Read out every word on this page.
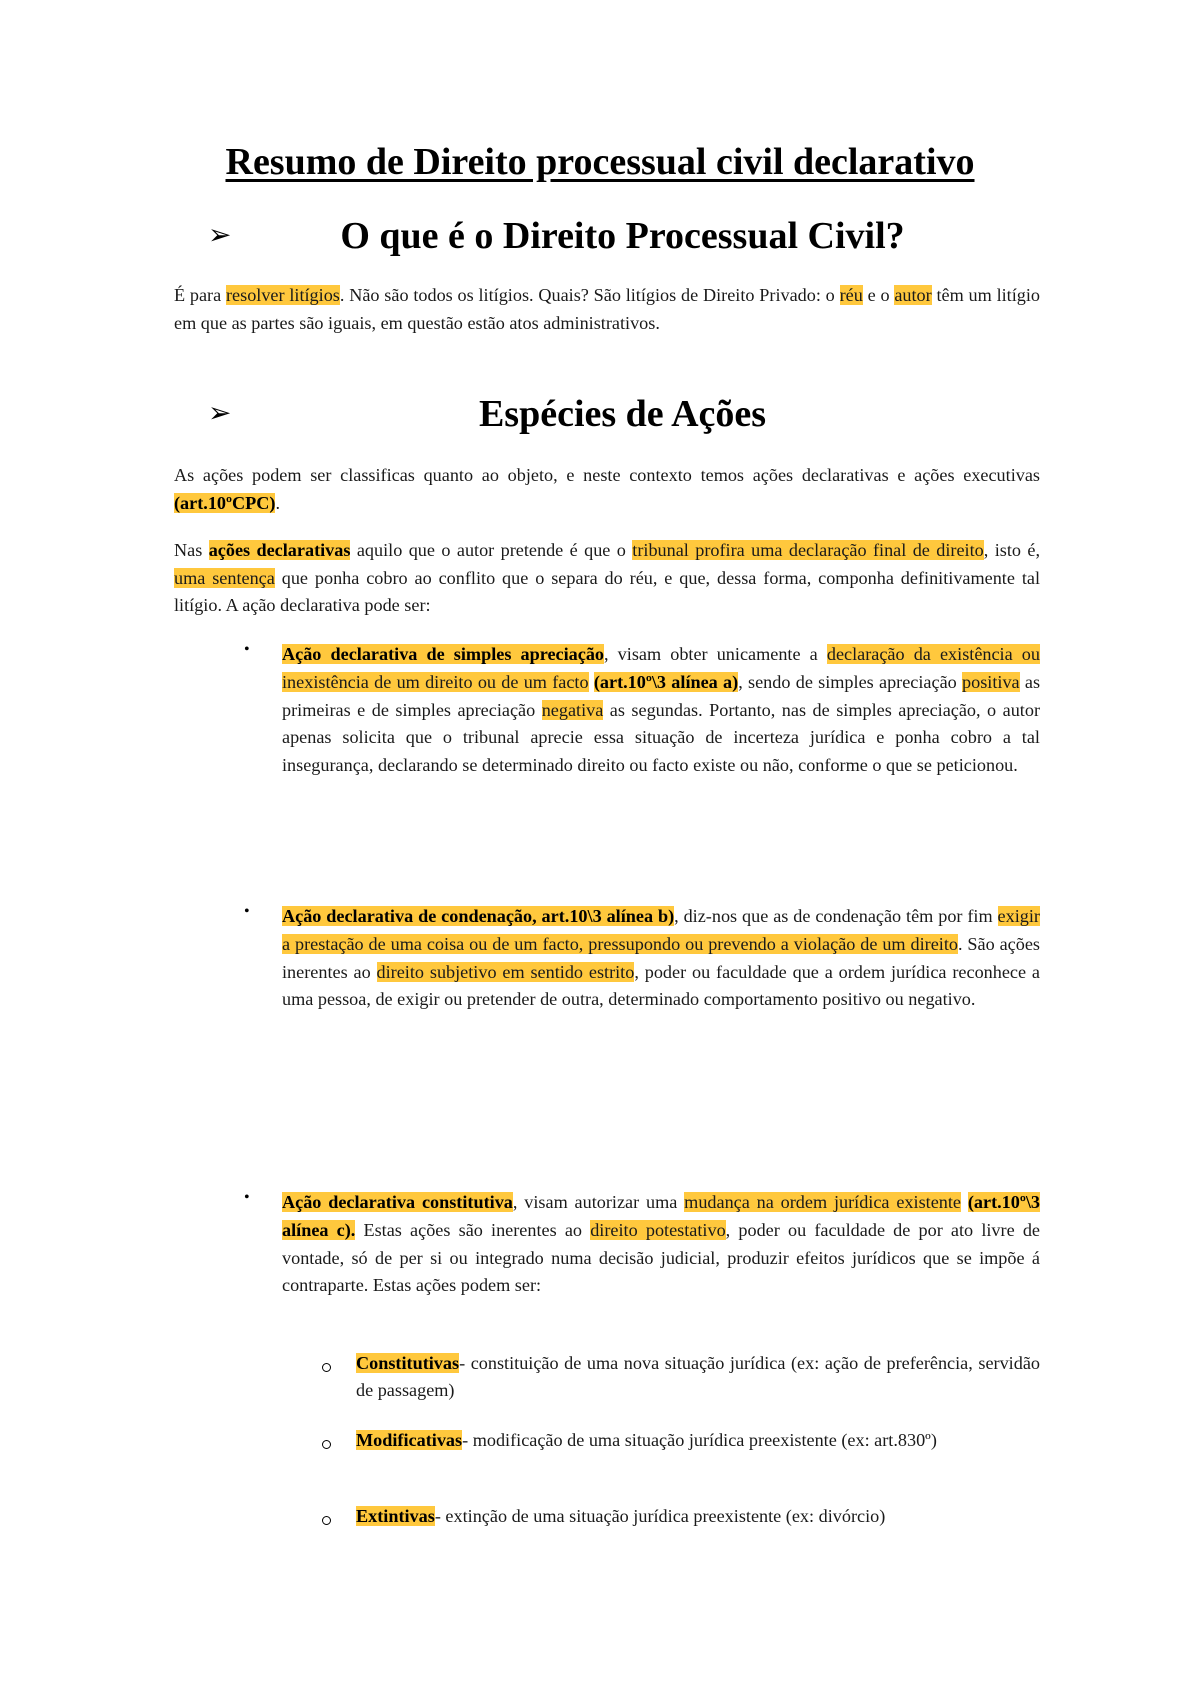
Resumo de Direito processual civil declarativo
➢	O que é o Direito Processual Civil?

É para resolver litígios. Não são todos os litígios. Quais? São litígios de Direito Privado: o réu e o autor têm um litígio em que as partes são iguais, em questão estão atos administrativos.

➢	Espécies de Ações

As ações podem ser classificas quanto ao objeto, e neste contexto temos ações declarativas e ações executivas (art.10ºCPC).

Nas ações declarativas aquilo que o autor pretende é que o tribunal profira uma declaração final de direito, isto é, uma sentença que ponha cobro ao conflito que o separa do réu, e que, dessa forma, componha definitivamente tal litígio. A ação declarativa pode ser:

• Ação declarativa de simples apreciação, visam obter unicamente a declaração da existência ou inexistência de um direito ou de um facto (art.10º\3 alínea a), sendo de simples apreciação positiva as primeiras e de simples apreciação negativa as segundas. Portanto, nas de simples apreciação, o autor apenas solicita que o tribunal aprecie essa situação de incerteza jurídica e ponha cobro a tal insegurança, declarando se determinado direito ou facto existe ou não, conforme o que se peticionou.

• Ação declarativa de condenação, art.10\3 alínea b), diz-nos que as de condenação têm por fim exigir a prestação de uma coisa ou de um facto, pressupondo ou prevendo a violação de um direito. São ações inerentes ao direito subjetivo em sentido estrito, poder ou faculdade que a ordem jurídica reconhece a uma pessoa, de exigir ou pretender de outra, determinado comportamento positivo ou negativo.

• Ação declarativa constitutiva, visam autorizar uma mudança na ordem jurídica existente (art.10º\3 alínea c). Estas ações são inerentes ao direito potestativo, poder ou faculdade de por ato livre de vontade, só de per si ou integrado numa decisão judicial, produzir efeitos jurídicos que se impõe á contraparte. Estas ações podem ser:

Constitutivas- constituição de uma nova situação jurídica (ex: ação de preferência, servidão de passagem)

Modificativas- modificação de uma situação jurídica preexistente (ex: art.830º)

Extintivas- extinção de uma situação jurídica preexistente (ex: divórcio)
